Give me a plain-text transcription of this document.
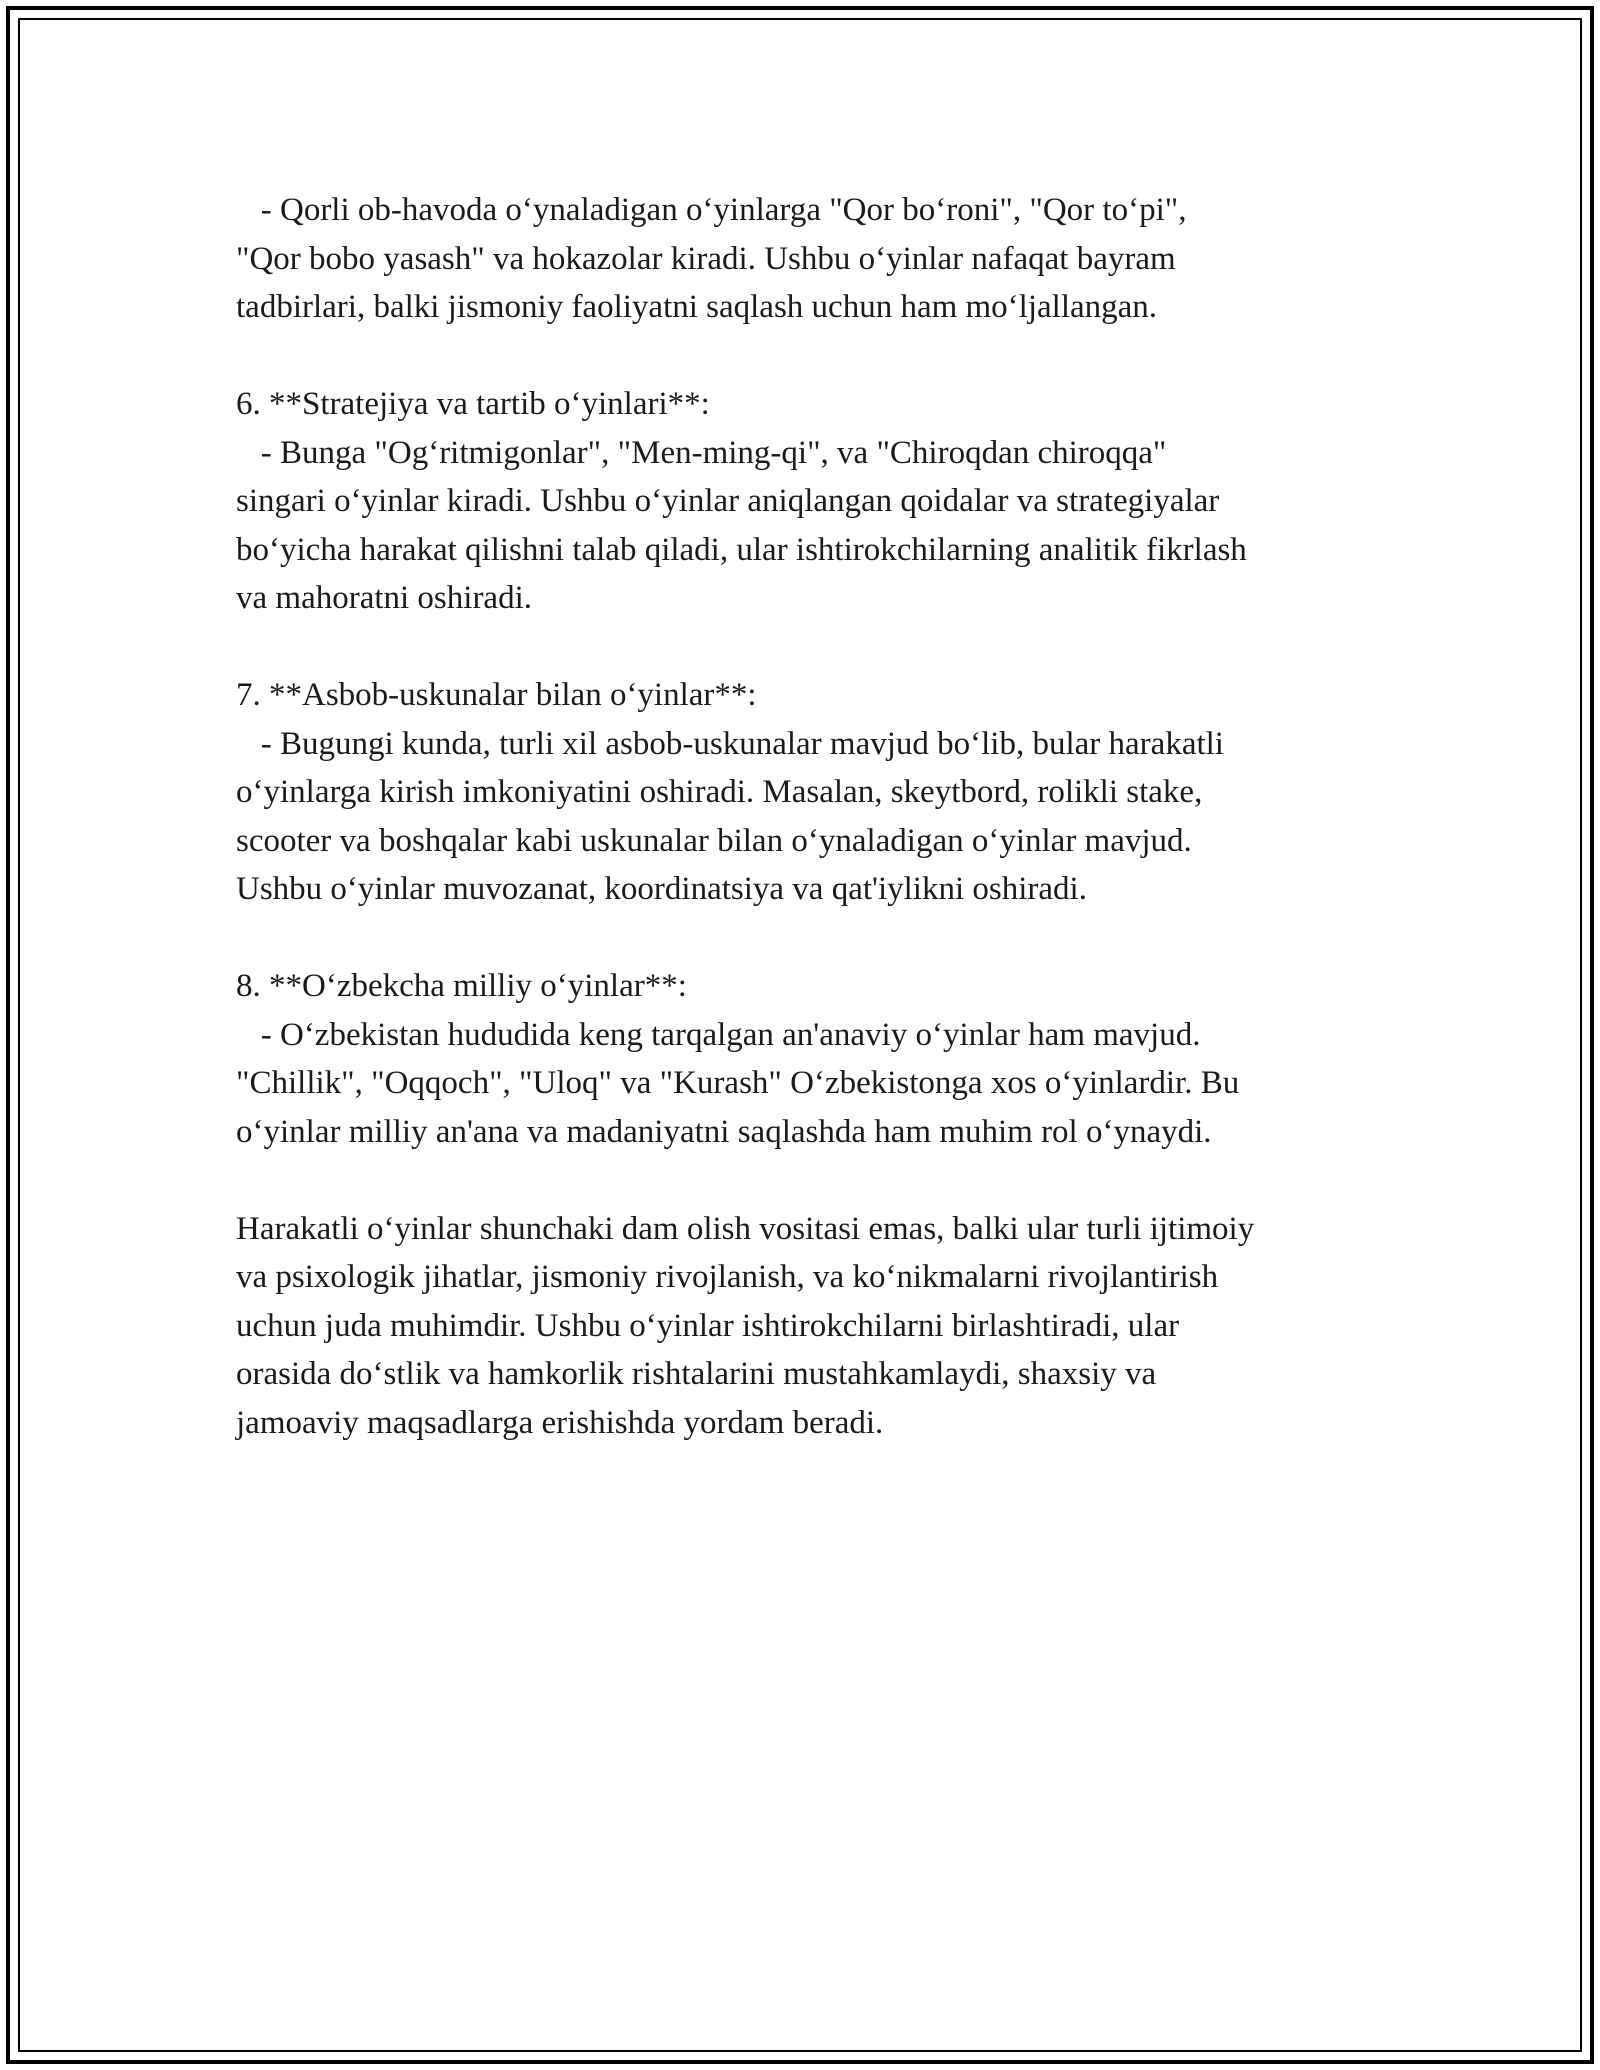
- Qorli ob-havoda o‘ynaladigan o‘yinlarga "Qor bo‘roni", "Qor to‘pi",
"Qor bobo yasash" va hokazolar kiradi. Ushbu o‘yinlar nafaqat bayram
tadbirlari, balki jismoniy faoliyatni saqlash uchun ham mo‘ljallangan.
6. **Stratejiya va tartib o‘yinlari**:
- Bunga "Og‘ritmigonlar", "Men-ming-qi", va "Chiroqdan chiroqqa"
singari o‘yinlar kiradi. Ushbu o‘yinlar aniqlangan qoidalar va strategiyalar
bo‘yicha harakat qilishni talab qiladi, ular ishtirokchilarning analitik fikrlash
va mahoratni oshiradi.
7. **Asbob-uskunalar bilan o‘yinlar**:
- Bugungi kunda, turli xil asbob-uskunalar mavjud bo‘lib, bular harakatli
o‘yinlarga kirish imkoniyatini oshiradi. Masalan, skeytbord, rolikli stake,
scooter va boshqalar kabi uskunalar bilan o‘ynaladigan o‘yinlar mavjud.
Ushbu o‘yinlar muvozanat, koordinatsiya va qat'iylikni oshiradi.
8. **O‘zbekcha milliy o‘yinlar**:
- O‘zbekistan hududida keng tarqalgan an'anaviy o‘yinlar ham mavjud.
"Chillik", "Oqqoch", "Uloq" va "Kurash" O‘zbekistonga xos o‘yinlardir. Bu
o‘yinlar milliy an'ana va madaniyatni saqlashda ham muhim rol o‘ynaydi.
Harakatli o‘yinlar shunchaki dam olish vositasi emas, balki ular turli ijtimoiy
va psixologik jihatlar, jismoniy rivojlanish, va ko‘nikmalarni rivojlantirish
uchun juda muhimdir. Ushbu o‘yinlar ishtirokchilarni birlashtiradi, ular
orasida do‘stlik va hamkorlik rishtalarini mustahkamlaydi, shaxsiy va
jamoaviy maqsadlarga erishishda yordam beradi.
